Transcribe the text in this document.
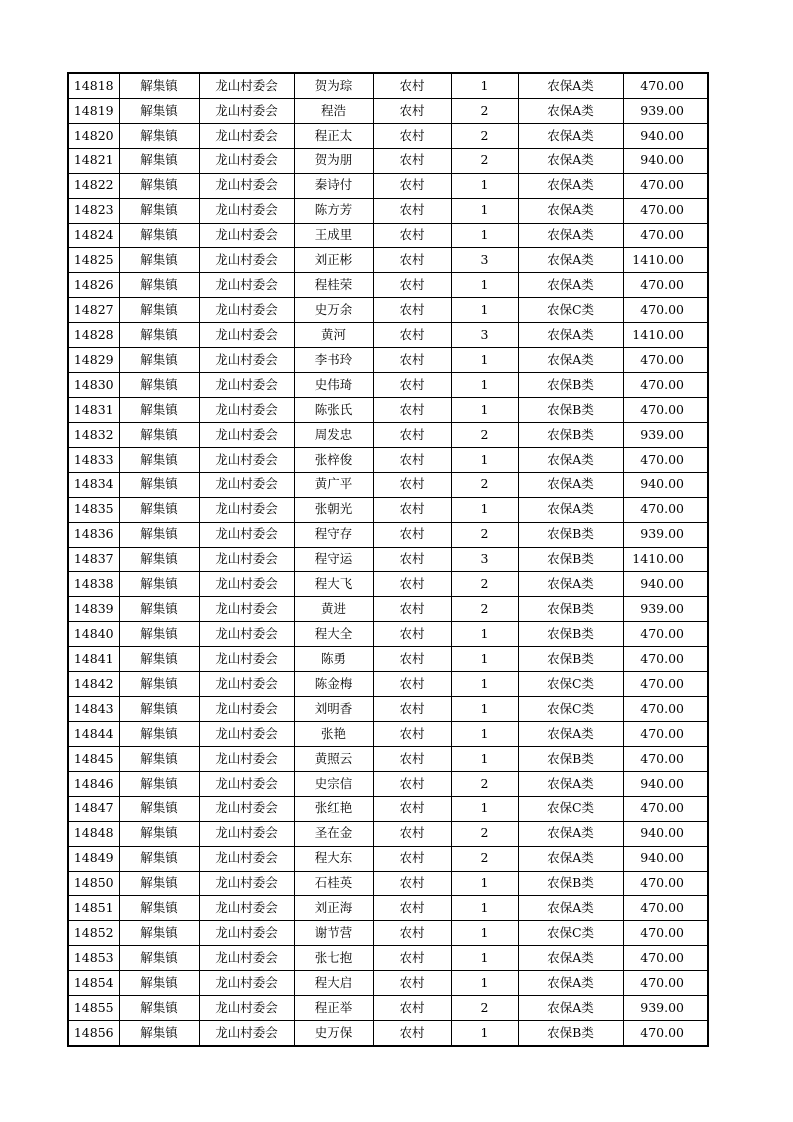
14818	解集镇	龙山村委会	贺为琮	农村	1	农保A类	470.00
14819	解集镇	龙山村委会	程浩	农村	2	农保A类	939.00
14820	解集镇	龙山村委会	程正太	农村	2	农保A类	940.00
14821	解集镇	龙山村委会	贺为朋	农村	2	农保A类	940.00
14822	解集镇	龙山村委会	秦诗付	农村	1	农保A类	470.00
14823	解集镇	龙山村委会	陈方芳	农村	1	农保A类	470.00
14824	解集镇	龙山村委会	王成里	农村	1	农保A类	470.00
14825	解集镇	龙山村委会	刘正彬	农村	3	农保A类	1410.00
14826	解集镇	龙山村委会	程桂荣	农村	1	农保A类	470.00
14827	解集镇	龙山村委会	史万余	农村	1	农保C类	470.00
14828	解集镇	龙山村委会	黄河	农村	3	农保A类	1410.00
14829	解集镇	龙山村委会	李书玲	农村	1	农保A类	470.00
14830	解集镇	龙山村委会	史伟琦	农村	1	农保B类	470.00
14831	解集镇	龙山村委会	陈张氏	农村	1	农保B类	470.00
14832	解集镇	龙山村委会	周发忠	农村	2	农保B类	939.00
14833	解集镇	龙山村委会	张梓俊	农村	1	农保A类	470.00
14834	解集镇	龙山村委会	黄广平	农村	2	农保A类	940.00
14835	解集镇	龙山村委会	张朝光	农村	1	农保A类	470.00
14836	解集镇	龙山村委会	程守存	农村	2	农保B类	939.00
14837	解集镇	龙山村委会	程守运	农村	3	农保B类	1410.00
14838	解集镇	龙山村委会	程大飞	农村	2	农保A类	940.00
14839	解集镇	龙山村委会	黄进	农村	2	农保B类	939.00
14840	解集镇	龙山村委会	程大全	农村	1	农保B类	470.00
14841	解集镇	龙山村委会	陈勇	农村	1	农保B类	470.00
14842	解集镇	龙山村委会	陈金梅	农村	1	农保C类	470.00
14843	解集镇	龙山村委会	刘明香	农村	1	农保C类	470.00
14844	解集镇	龙山村委会	张艳	农村	1	农保A类	470.00
14845	解集镇	龙山村委会	黄照云	农村	1	农保B类	470.00
14846	解集镇	龙山村委会	史宗信	农村	2	农保A类	940.00
14847	解集镇	龙山村委会	张红艳	农村	1	农保C类	470.00
14848	解集镇	龙山村委会	圣在金	农村	2	农保A类	940.00
14849	解集镇	龙山村委会	程大东	农村	2	农保A类	940.00
14850	解集镇	龙山村委会	石桂英	农村	1	农保B类	470.00
14851	解集镇	龙山村委会	刘正海	农村	1	农保A类	470.00
14852	解集镇	龙山村委会	谢节营	农村	1	农保C类	470.00
14853	解集镇	龙山村委会	张七抱	农村	1	农保A类	470.00
14854	解集镇	龙山村委会	程大启	农村	1	农保A类	470.00
14855	解集镇	龙山村委会	程正举	农村	2	农保A类	939.00
14856	解集镇	龙山村委会	史万保	农村	1	农保B类	470.00
